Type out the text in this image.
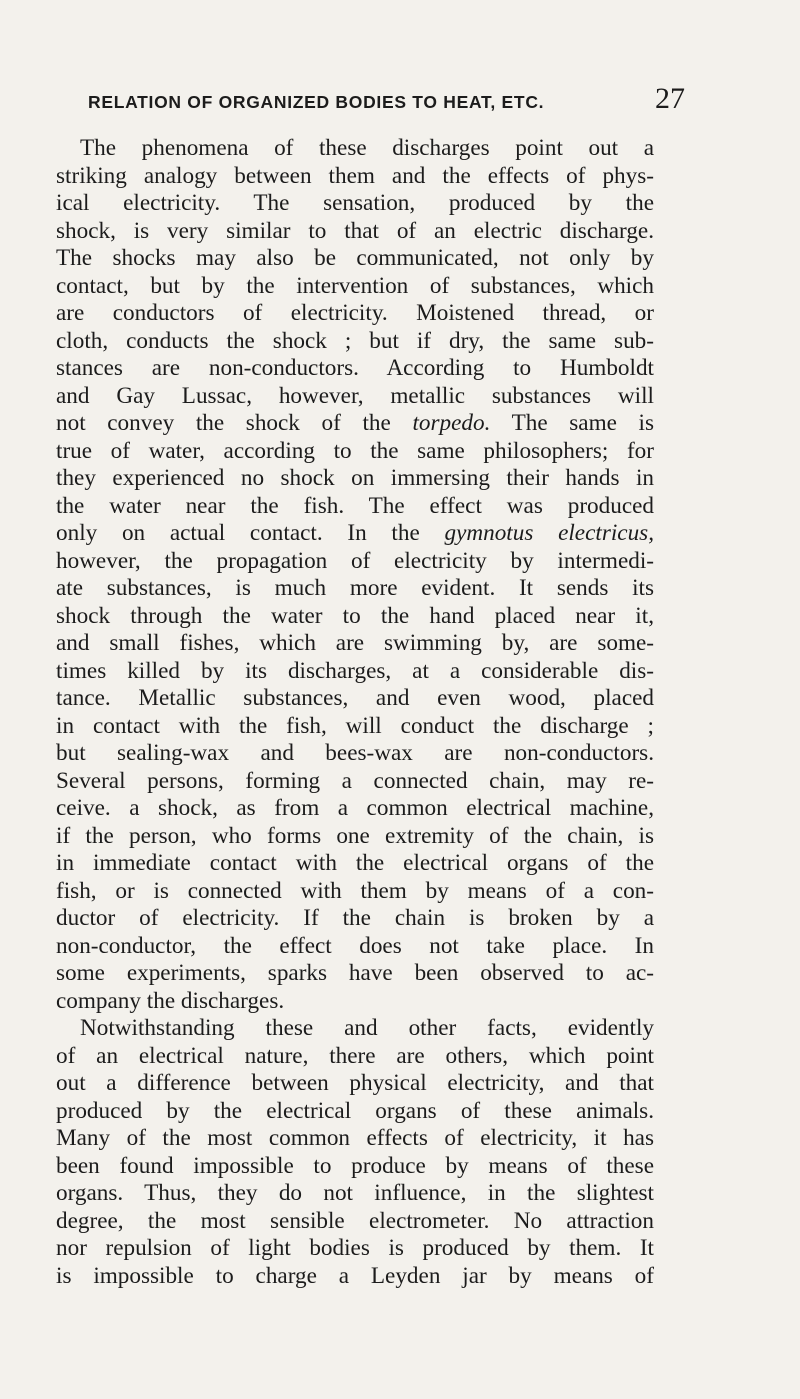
RELATION OF ORGANIZED BODIES TO HEAT, ETC.	27
The phenomena of these discharges point out a
striking analogy between them and the effects of phys-
ical electricity. The sensation, produced by the
shock, is very similar to that of an electric discharge.
The shocks may also be communicated, not only by
contact, but by the intervention of substances, which
are conductors of electricity. Moistened thread, or
cloth, conducts the shock ; but if dry, the same sub-
stances are non-conductors. According to Humboldt
and Gay Lussac, however, metallic substances will
not convey the shock of the torpedo. The same is
true of water, according to the same philosophers; for
they experienced no shock on immersing their hands in
the water near the fish. The effect was produced
only on actual contact. In the gymnotus electricus,
however, the propagation of electricity by intermedi-
ate substances, is much more evident. It sends its
shock through the water to the hand placed near it,
and small fishes, which are swimming by, are some-
times killed by its discharges, at a considerable dis-
tance. Metallic substances, and even wood, placed
in contact with the fish, will conduct the discharge ;
but sealing-wax and bees-wax are non-conductors.
Several persons, forming a connected chain, may re-
ceive. a shock, as from a common electrical machine,
if the person, who forms one extremity of the chain, is
in immediate contact with the electrical organs of the
fish, or is connected with them by means of a con-
ductor of electricity. If the chain is broken by a
non-conductor, the effect does not take place. In
some experiments, sparks have been observed to ac-
company the discharges.
Notwithstanding these and other facts, evidently
of an electrical nature, there are others, which point
out a difference between physical electricity, and that
produced by the electrical organs of these animals.
Many of the most common effects of electricity, it has
been found impossible to produce by means of these
organs. Thus, they do not influence, in the slightest
degree, the most sensible electrometer. No attraction
nor repulsion of light bodies is produced by them. It
is impossible to charge a Leyden jar by means of
